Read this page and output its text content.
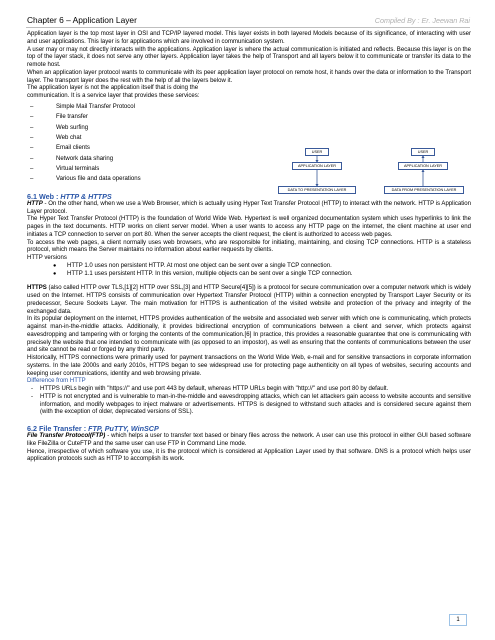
Chapter 6 – Application Layer	Compiled By : Er. Jeewan Rai

Application layer is the top most layer in OSI and TCP/IP layered model. This layer exists in both layered Models because of its significance, of interacting with user and user applications. This layer is for applications which are involved in communication system.

A user may or may not directly interacts with the applications. Application layer is where the actual communication is initiated and reflects. Because this layer is on the top of the layer stack, it does not serve any other layers. Application layer takes the help of Transport and all layers below it to communicate or transfer its data to the remote host.

When an application layer protocol wants to communicate with its peer application layer protocol on remote host, it hands over the data or information to the Transport layer. The transport layer does the rest with the help of all the layers below it.

The application layer is not the application itself that is doing the

communication. It is a service layer that provides these services:

–	Simple Mail Transfer Protocol
–	File transfer
–	Web surfing
–	Web chat
–	Email clients
–	Network data sharing
–	Virtual terminals
–	Various file and data operations
6.1 Web : HTTP & HTTPS

HTTP - On the other hand, when we use a Web Browser, which is actually using Hyper Text Transfer Protocol (HTTP) to interact with the network. HTTP is Application Layer protocol.

The Hyper Text Transfer Protocol (HTTP) is the foundation of World Wide Web. Hypertext is well organized documentation system which uses hyperlinks to link the pages in the text documents. HTTP works on client server model. When a user wants to access any HTTP page on the internet, the client machine at user end initiates a TCP connection to server on port 80. When the server accepts the client request, the client is authorized to access web pages.

To access the web pages, a client normally uses web browsers, who are responsible for initiating, maintaining, and closing TCP connections. HTTP is a stateless protocol, which means the Server maintains no information about earlier requests by clients.

HTTP versions

● HTTP 1.0 uses non persistent HTTP. At most one object can be sent over a single TCP connection.
● HTTP 1.1 uses persistent HTTP. In this version, multiple objects can be sent over a single TCP connection.

HTTPS (also called HTTP over TLS,[1][2] HTTP over SSL,[3] and HTTP Secure[4][5]) is a protocol for secure communication over a computer network which is widely used on the Internet. HTTPS consists of communication over Hypertext Transfer Protocol (HTTP) within a connection encrypted by Transport Layer Security or its predecessor, Secure Sockets Layer. The main motivation for HTTPS is authentication of the visited website and protection of the privacy and integrity of the exchanged data.

In its popular deployment on the internet, HTTPS provides authentication of the website and associated web server with which one is communicating, which protects against man-in-the-middle attacks. Additionally, it provides bidirectional encryption of communications between a client and server, which protects against eavesdropping and tampering with or forging the contents of the communication.[6] In practice, this provides a reasonable guarantee that one is communicating with precisely the website that one intended to communicate with (as opposed to an impostor), as well as ensuring that the contents of communications between the user and site cannot be read or forged by any third party.

Historically, HTTPS connections were primarily used for payment transactions on the World Wide Web, e-mail and for sensitive transactions in corporate information systems. In the late 2000s and early 2010s, HTTPS began to see widespread use for protecting page authenticity on all types of websites, securing accounts and keeping user communications, identity and web browsing private.

Difference from HTTP

- HTTPS URLs begin with "https://" and use port 443 by default, whereas HTTP URLs begin with "http://" and use port 80 by default.
- HTTP is not encrypted and is vulnerable to man-in-the-middle and eavesdropping attacks, which can let attackers gain access to website accounts and sensitive information, and modify webpages to inject malware or advertisements. HTTPS is designed to withstand such attacks and is considered secure against them (with the exception of older, deprecated versions of SSL).
6.2 File Transfer : FTP, PuTTY, WinSCP

File Transfer Protocol(FTP) - which helps a user to transfer text based or binary files across the network. A user can use this protocol in either GUI based software like FileZilla or CuteFTP and the same user can use FTP in Command Line mode.

Hence, irrespective of which software you use, it is the protocol which is considered at Application Layer used by that software. DNS is a protocol which helps user application protocols such as HTTP to accomplish its work.

USER	USER
APPLICATION LAYER	APPLICATION LAYER
DATA TO PRESENTATION LAYER	DATA FROM PRESENTATION LAYER
1
